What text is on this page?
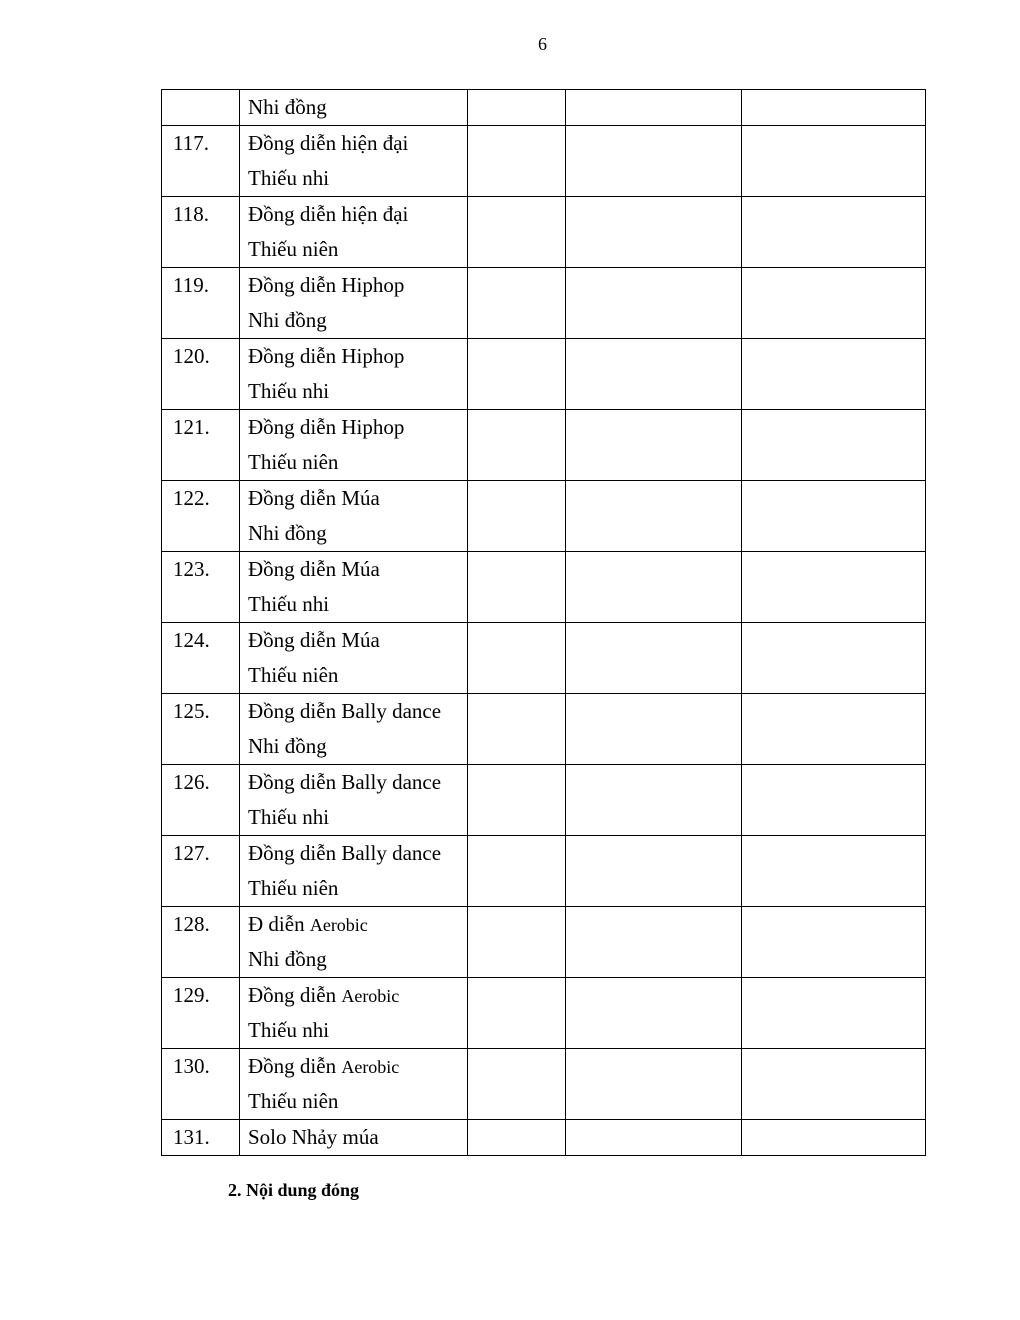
6

	Nhi đồng			

117.	Đồng diễn hiện đại
Thiếu nhi			

118.	Đồng diễn hiện đại
Thiếu niên			

119.	Đồng diễn Hiphop
Nhi đồng			

120.	Đồng diễn Hiphop
Thiếu nhi			

121.	Đồng diễn Hiphop
Thiếu niên			

122.	Đồng diễn Múa
Nhi đồng			

123.	Đồng diễn Múa
Thiếu nhi			

124.	Đồng diễn Múa
Thiếu niên			

125.	Đồng diễn Bally dance
Nhi đồng			

126.	Đồng diễn Bally dance
Thiếu nhi			

127.	Đồng diễn Bally dance
Thiếu niên			

128.	Đ diễn Aerobic
Nhi đồng			

129.	Đồng diễn Aerobic
Thiếu nhi			

130.	Đồng diễn Aerobic
Thiếu niên			

131.	Solo Nhảy múa			

2. Nội dung đóng
